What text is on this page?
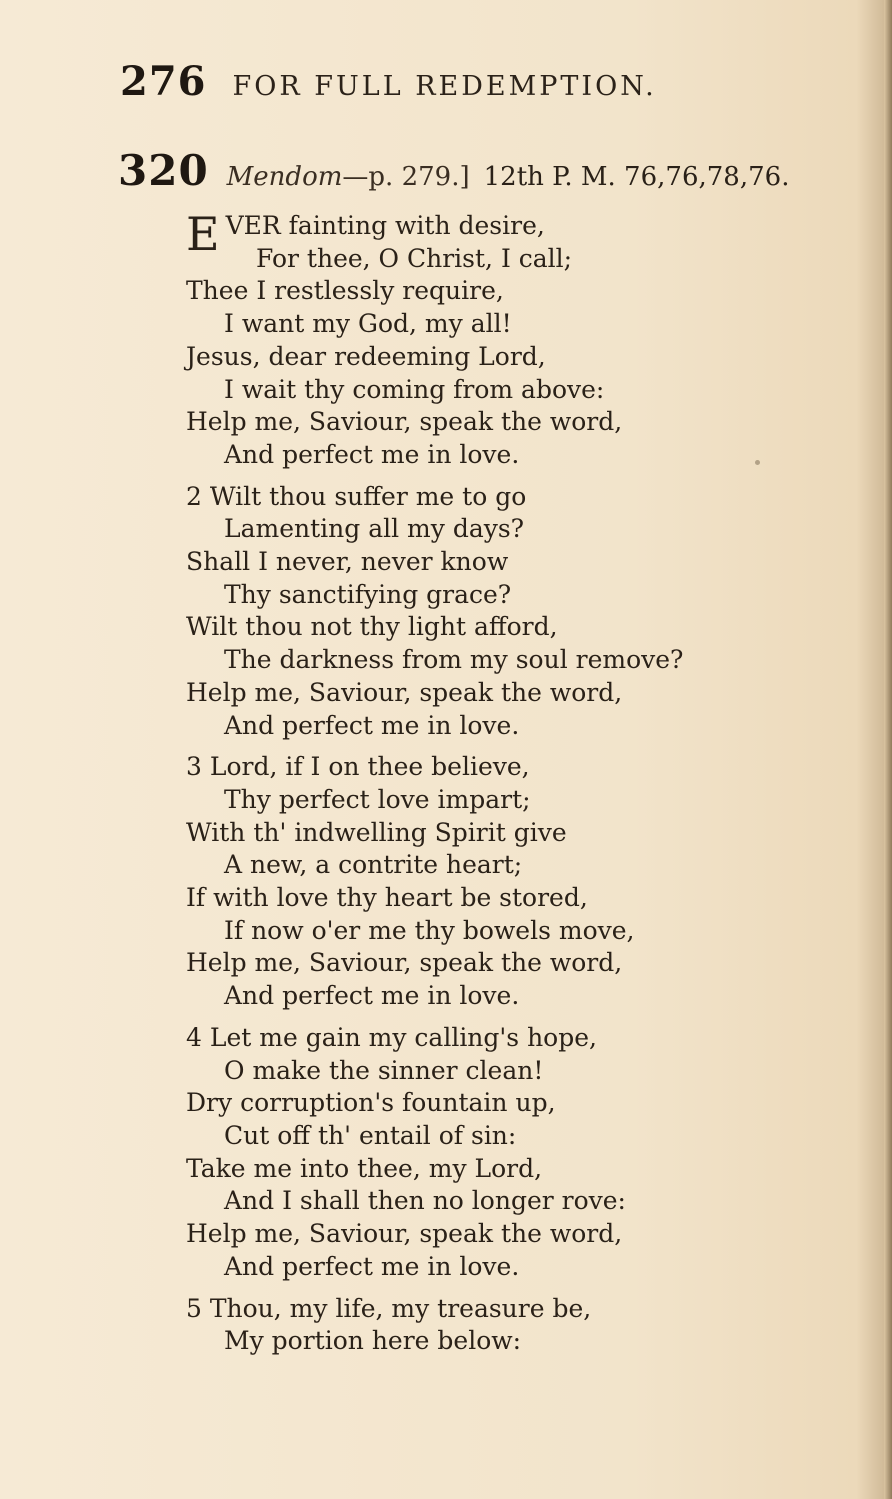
276 FOR FULL REDEMPTION.
320 Mendom—p. 279.] 12th P. M. 76,76,78,76.
EVER fainting with desire,
For thee, O Christ, I call;
Thee I restlessly require,
I want my God, my all!
Jesus, dear redeeming Lord,
I wait thy coming from above:
Help me, Saviour, speak the word,
And perfect me in love.
2 Wilt thou suffer me to go
Lamenting all my days?
Shall I never, never know
Thy sanctifying grace?
Wilt thou not thy light afford,
The darkness from my soul remove?
Help me, Saviour, speak the word,
And perfect me in love.
3 Lord, if I on thee believe,
Thy perfect love impart;
With th' indwelling Spirit give
A new, a contrite heart;
If with love thy heart be stored,
If now o'er me thy bowels move,
Help me, Saviour, speak the word,
And perfect me in love.
4 Let me gain my calling's hope,
O make the sinner clean!
Dry corruption's fountain up,
Cut off th' entail of sin:
Take me into thee, my Lord,
And I shall then no longer rove:
Help me, Saviour, speak the word,
And perfect me in love.
5 Thou, my life, my treasure be,
My portion here below:
